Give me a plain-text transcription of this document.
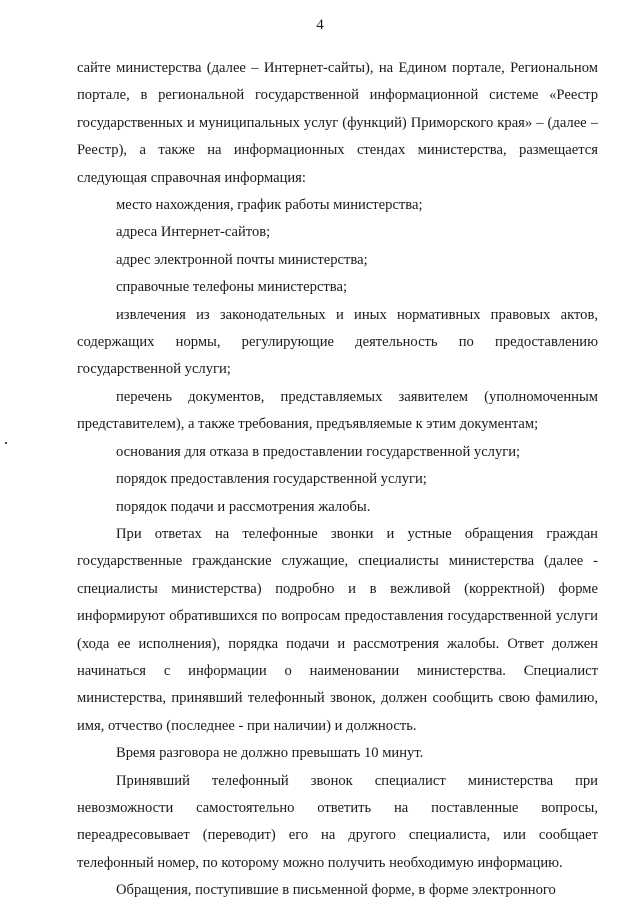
4

сайте министерства (далее – Интернет-сайты), на Едином портале, Региональном портале, в региональной государственной информационной системе «Реестр государственных и муниципальных услуг (функций) Приморского края» – (далее – Реестр), а также на информационных стендах министерства, размещается следующая справочная информация:

место нахождения, график работы министерства;

адреса Интернет-сайтов;

адрес электронной почты министерства;

справочные телефоны министерства;

извлечения из законодательных и иных нормативных правовых актов, содержащих нормы, регулирующие деятельность по предоставлению государственной услуги;

перечень документов, представляемых заявителем (уполномоченным представителем), а также требования, предъявляемые к этим документам;

основания для отказа в предоставлении государственной услуги;

порядок предоставления государственной услуги;

порядок подачи и рассмотрения жалобы.

При ответах на телефонные звонки и устные обращения граждан государственные гражданские служащие, специалисты министерства (далее - специалисты министерства) подробно и в вежливой (корректной) форме информируют обратившихся по вопросам предоставления государственной услуги (хода ее исполнения), порядка подачи и рассмотрения жалобы. Ответ должен начинаться с информации о наименовании министерства. Специалист министерства, принявший телефонный звонок, должен сообщить свою фамилию, имя, отчество (последнее - при наличии) и должность.

Время разговора не должно превышать 10 минут.

Принявший телефонный звонок специалист министерства при невозможности самостоятельно ответить на поставленные вопросы, переадресовывает (переводит) его на другого специалиста, или сообщает телефонный номер, по которому можно получить необходимую информацию.

Обращения, поступившие в письменной форме, в форме электронного
